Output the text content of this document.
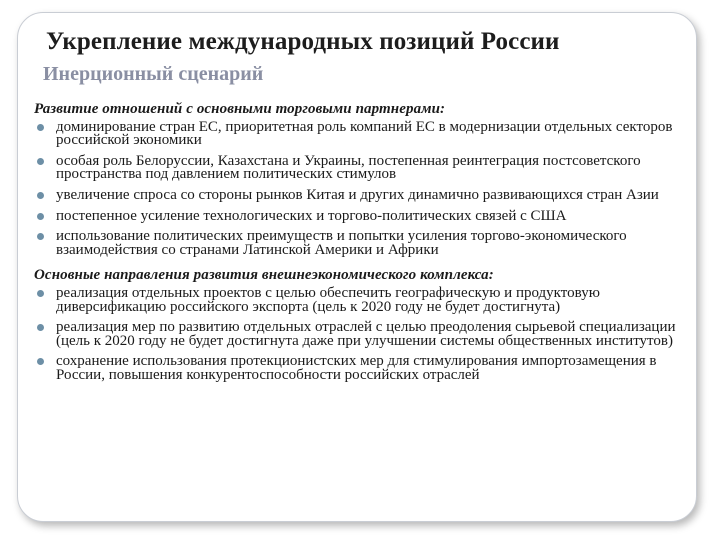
Укрепление международных позиций России
Инерционный сценарий

Развитие отношений с основными торговыми партнерами:

доминирование стран ЕС, приоритетная роль компаний ЕС в модернизации отдельных секторов российской экономики
особая роль Белоруссии, Казахстана и Украины, постепенная реинтеграция постсоветского пространства под давлением политических стимулов
увеличение спроса со стороны рынков Китая и других динамично развивающихся стран Азии
постепенное усиление технологических и торгово-политических связей с США
использование политических преимуществ и попытки усиления торгово-экономического взаимодействия со странами Латинской Америки и Африки

Основные направления развития внешнеэкономического комплекса:

реализация отдельных проектов с целью обеспечить географическую и продуктовую диверсификацию российского экспорта (цель к 2020 году не будет достигнута)
реализация мер по развитию отдельных отраслей с целью преодоления сырьевой специализации (цель к 2020 году не будет достигнута даже при улучшении системы общественных институтов)
сохранение использования протекционистских мер для стимулирования импортозамещения в России, повышения конкурентоспособности российских отраслей
